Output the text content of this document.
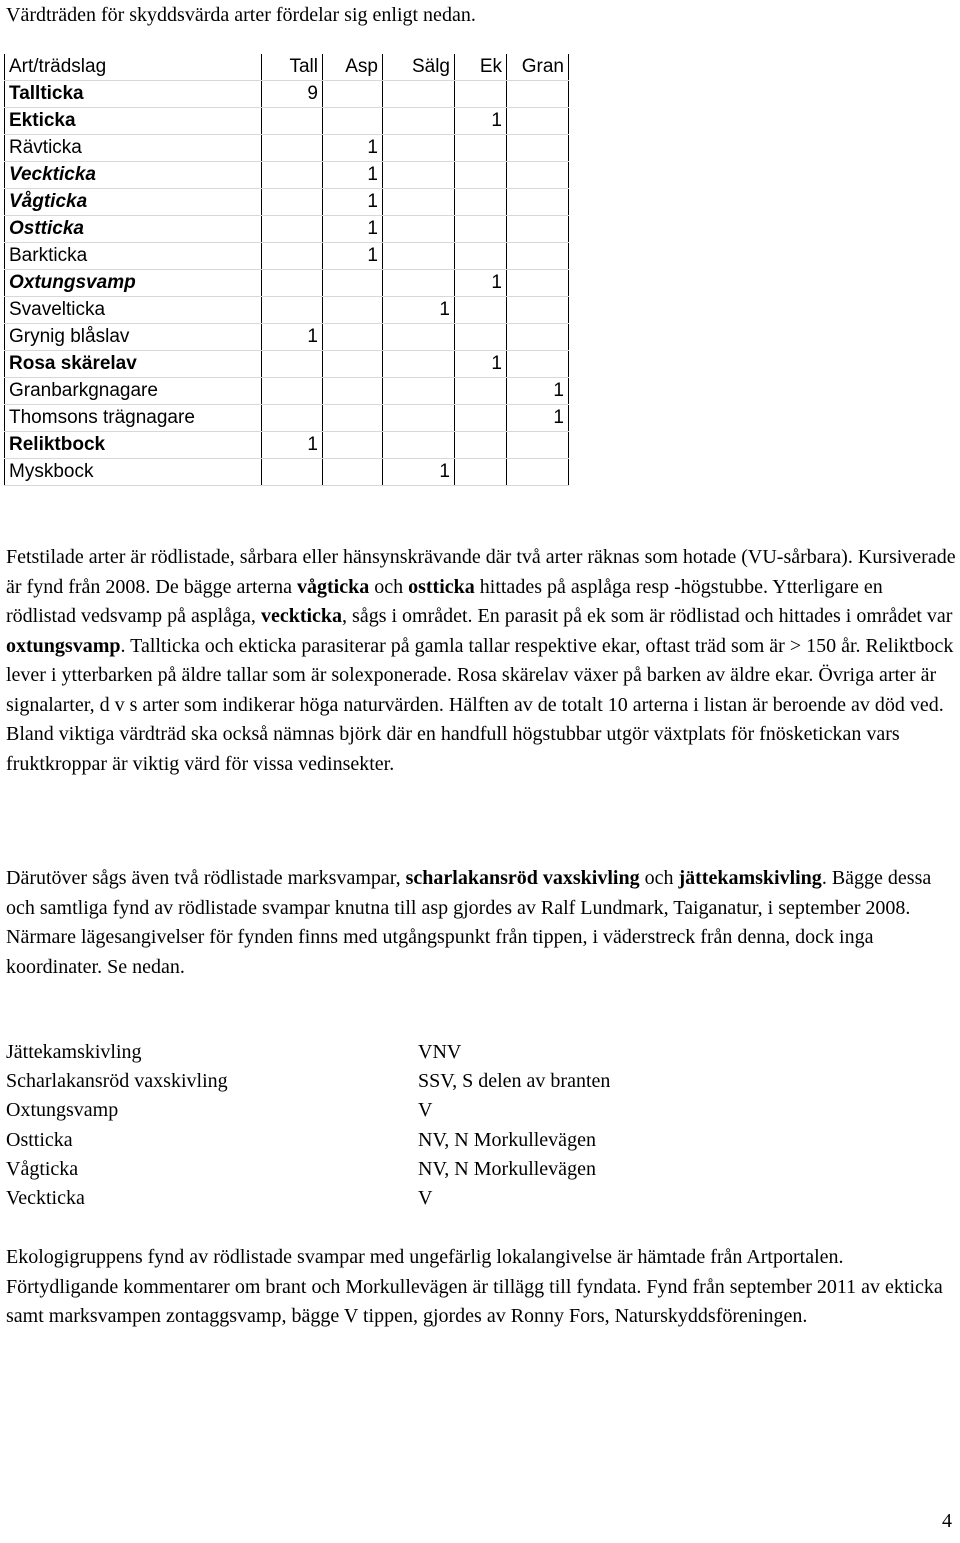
Värdträden för skyddsvärda arter fördelar sig enligt nedan.
Art/trädslag	Tall	Asp	Sälg	Ek	Gran
Tallticka	9				
Ekticka				1	
Rävticka		1			
Veckticka		1			
Vågticka		1			
Ostticka		1			
Barkticka		1			
Oxtungsvamp				1	
Svavelticka			1		
Grynig blåslav	1				
Rosa skärelav				1	
Granbarkgnagare					1
Thomsons trägnagare					1
Reliktbock	1				
Myskbock			1		
Fetstilade arter är rödlistade, sårbara eller hänsynskrävande där två arter räknas som hotade (VU-sårbara). Kursiverade är fynd från 2008. De bägge arterna vågticka och ostticka hittades på asplåga resp -högstubbe. Ytterligare en rödlistad vedsvamp på asplåga, veckticka, sågs i området. En parasit på ek som är rödlistad och hittades i området var oxtungsvamp. Tallticka och ekticka parasiterar på gamla tallar respektive ekar, oftast träd som är > 150 år. Reliktbock lever i ytterbarken på äldre tallar som är solexponerade. Rosa skärelav växer på barken av äldre ekar. Övriga arter är signalarter, d v s arter som indikerar höga naturvärden. Hälften av de totalt 10 arterna i listan är beroende av död ved. Bland viktiga värdträd ska också nämnas björk där en handfull högstubbar utgör växtplats för fnösketickan vars fruktkroppar är viktig värd för vissa vedinsekter.
Därutöver sågs även två rödlistade marksvampar, scharlakansröd vaxskivling och jättekamskivling. Bägge dessa och samtliga fynd av rödlistade svampar knutna till asp gjordes av Ralf Lundmark, Taiganatur, i september 2008. Närmare lägesangivelser för fynden finns med utgångspunkt från tippen, i väderstreck från denna, dock inga koordinater. Se nedan.
Jättekamskivling	VNV
Scharlakansröd vaxskivling	SSV, S delen av branten
Oxtungsvamp	V
Ostticka	NV, N Morkullevägen
Vågticka	NV, N Morkullevägen
Veckticka	V
Ekologigruppens fynd av rödlistade svampar med ungefärlig lokalangivelse är hämtade från Artportalen. Förtydligande kommentarer om brant och Morkullevägen är tillägg till fyndata. Fynd från september 2011 av ekticka samt marksvampen zontaggsvamp, bägge V tippen, gjordes av Ronny Fors, Naturskyddsföreningen.
4
